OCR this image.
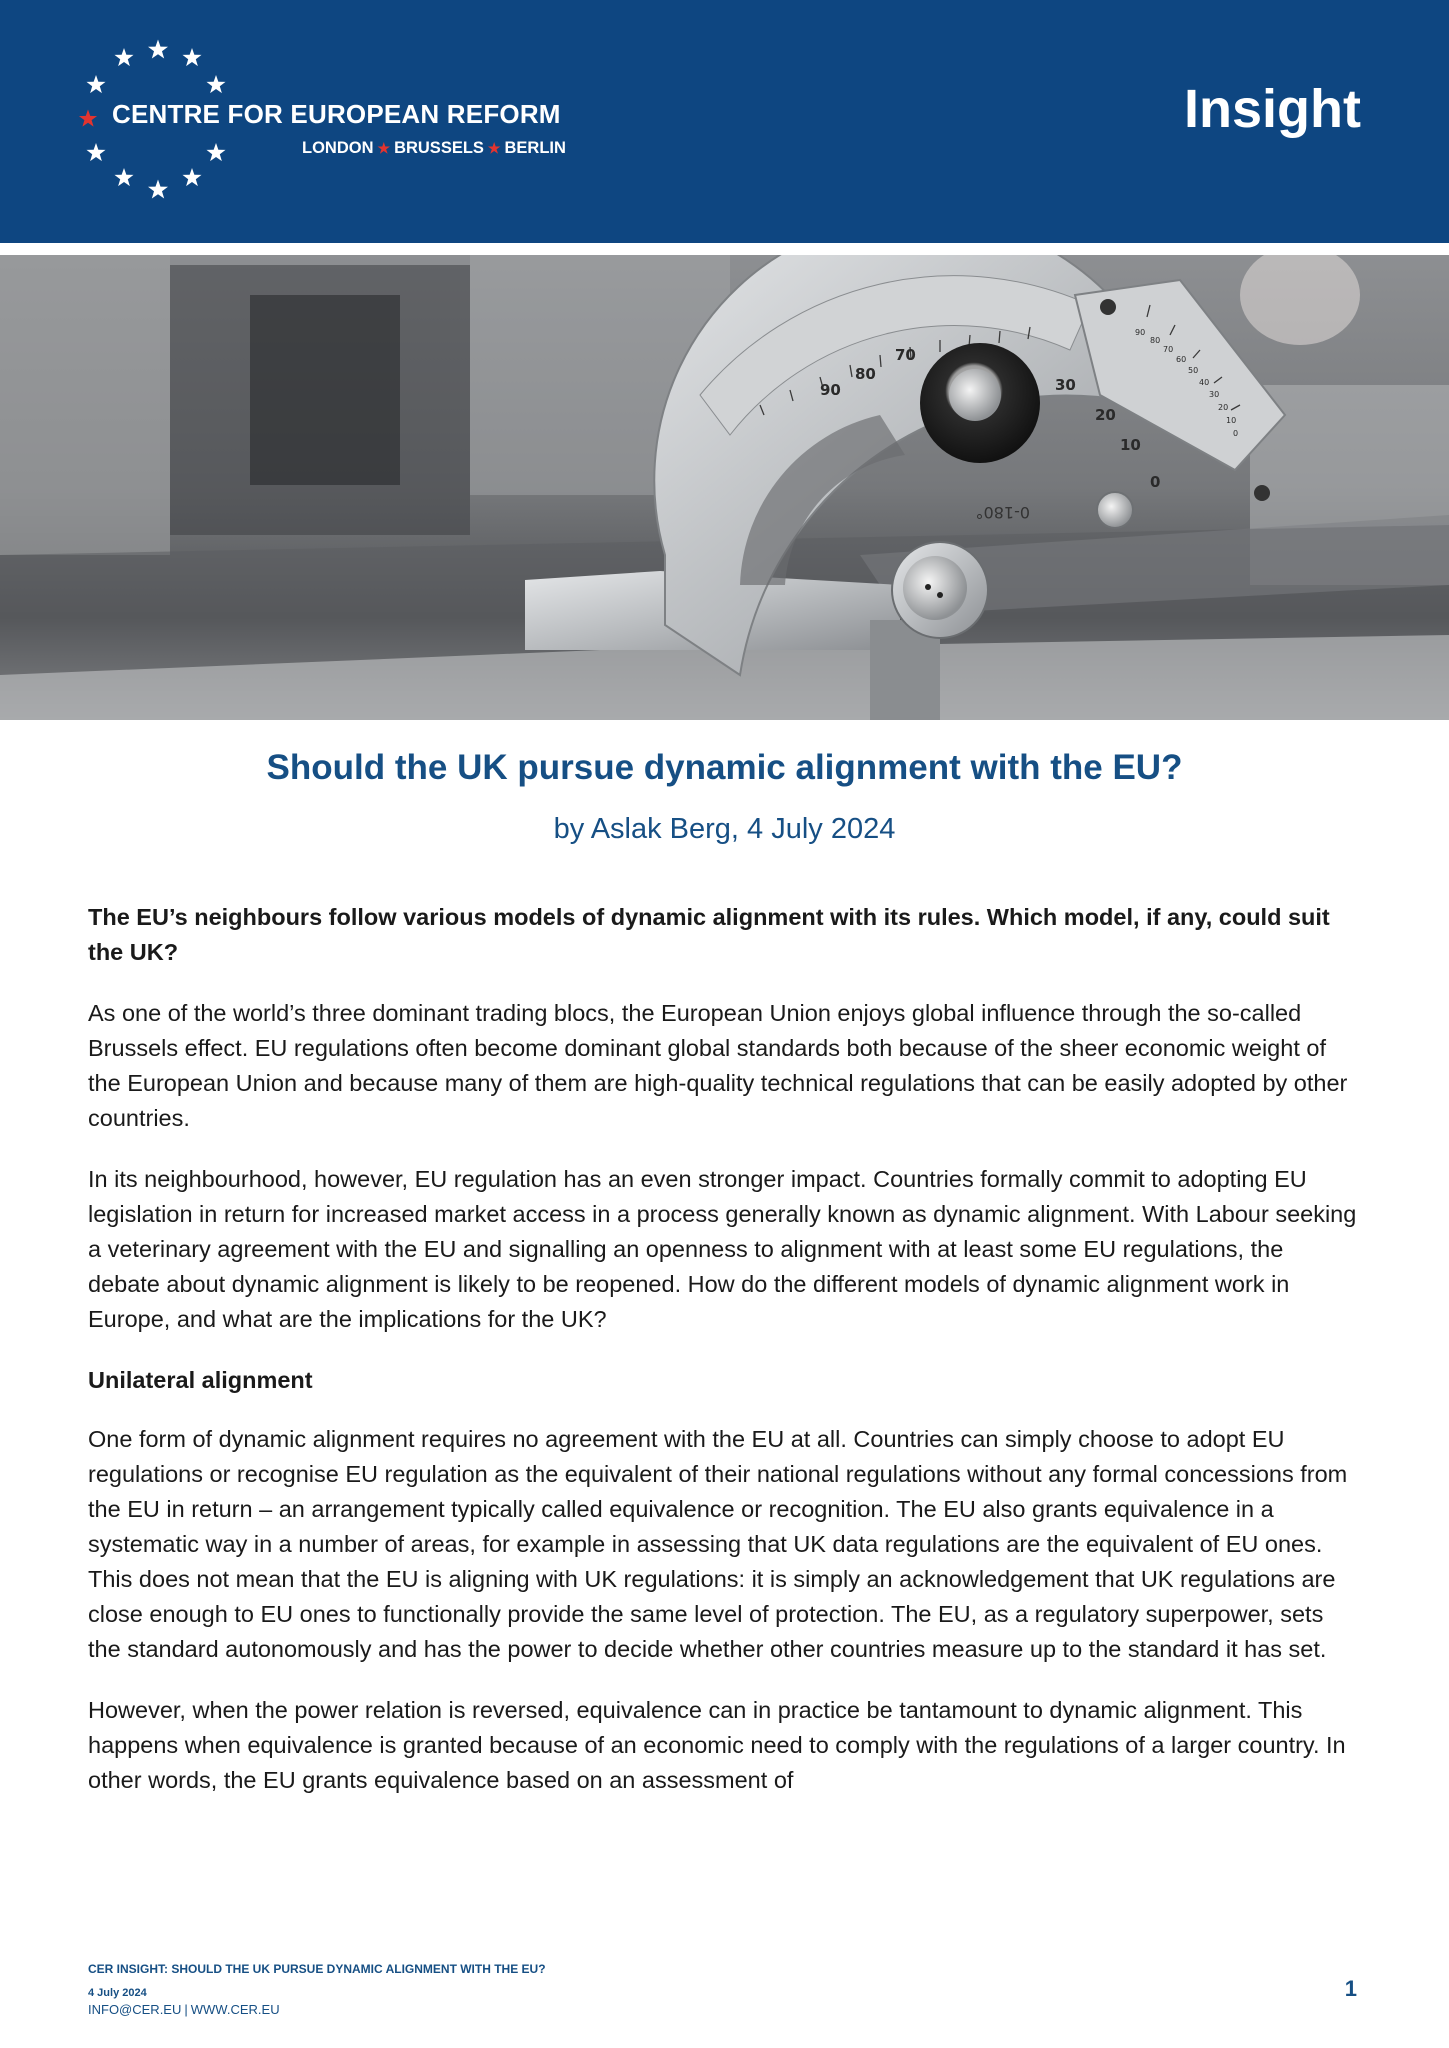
CENTRE FOR EUROPEAN REFORM
LONDON ★ BRUSSELS ★ BERLIN
Insight
90
80
70
30
20
10
0
90
80
70
60
50
40
30
20
10
0
0-180°
Should the UK pursue dynamic alignment with the EU?
by Aslak Berg, 4 July 2024

The EU’s neighbours follow various models of dynamic alignment with its rules. Which model, if any, could suit the UK?

As one of the world’s three dominant trading blocs, the European Union enjoys global influence through the so-called Brussels effect. EU regulations often become dominant global standards both because of the sheer economic weight of the European Union and because many of them are high-quality technical regulations that can be easily adopted by other countries.

In its neighbourhood, however, EU regulation has an even stronger impact. Countries formally commit to adopting EU legislation in return for increased market access in a process generally known as dynamic alignment. With Labour seeking a veterinary agreement with the EU and signalling an openness to alignment with at least some EU regulations, the debate about dynamic alignment is likely to be reopened. How do the different models of dynamic alignment work in Europe, and what are the implications for the UK?

Unilateral alignment

One form of dynamic alignment requires no agreement with the EU at all. Countries can simply choose to adopt EU regulations or recognise EU regulation as the equivalent of their national regulations without any formal concessions from the EU in return – an arrangement typically called equivalence or recognition. The EU also grants equivalence in a systematic way in a number of areas, for example in assessing that UK data regulations are the equivalent of EU ones. This does not mean that the EU is aligning with UK regulations: it is simply an acknowledgement that UK regulations are close enough to EU ones to functionally provide the same level of protection. The EU, as a regulatory superpower, sets the standard autonomously and has the power to decide whether other countries measure up to the standard it has set.

However, when the power relation is reversed, equivalence can in practice be tantamount to dynamic alignment. This happens when equivalence is granted because of an economic need to comply with the regulations of a larger country. In other words, the EU grants equivalence based on an assessment of

CER INSIGHT: SHOULD THE UK PURSUE DYNAMIC ALIGNMENT WITH THE EU?
4 July 2024
INFO@CER.EU | WWW.CER.EU
1
